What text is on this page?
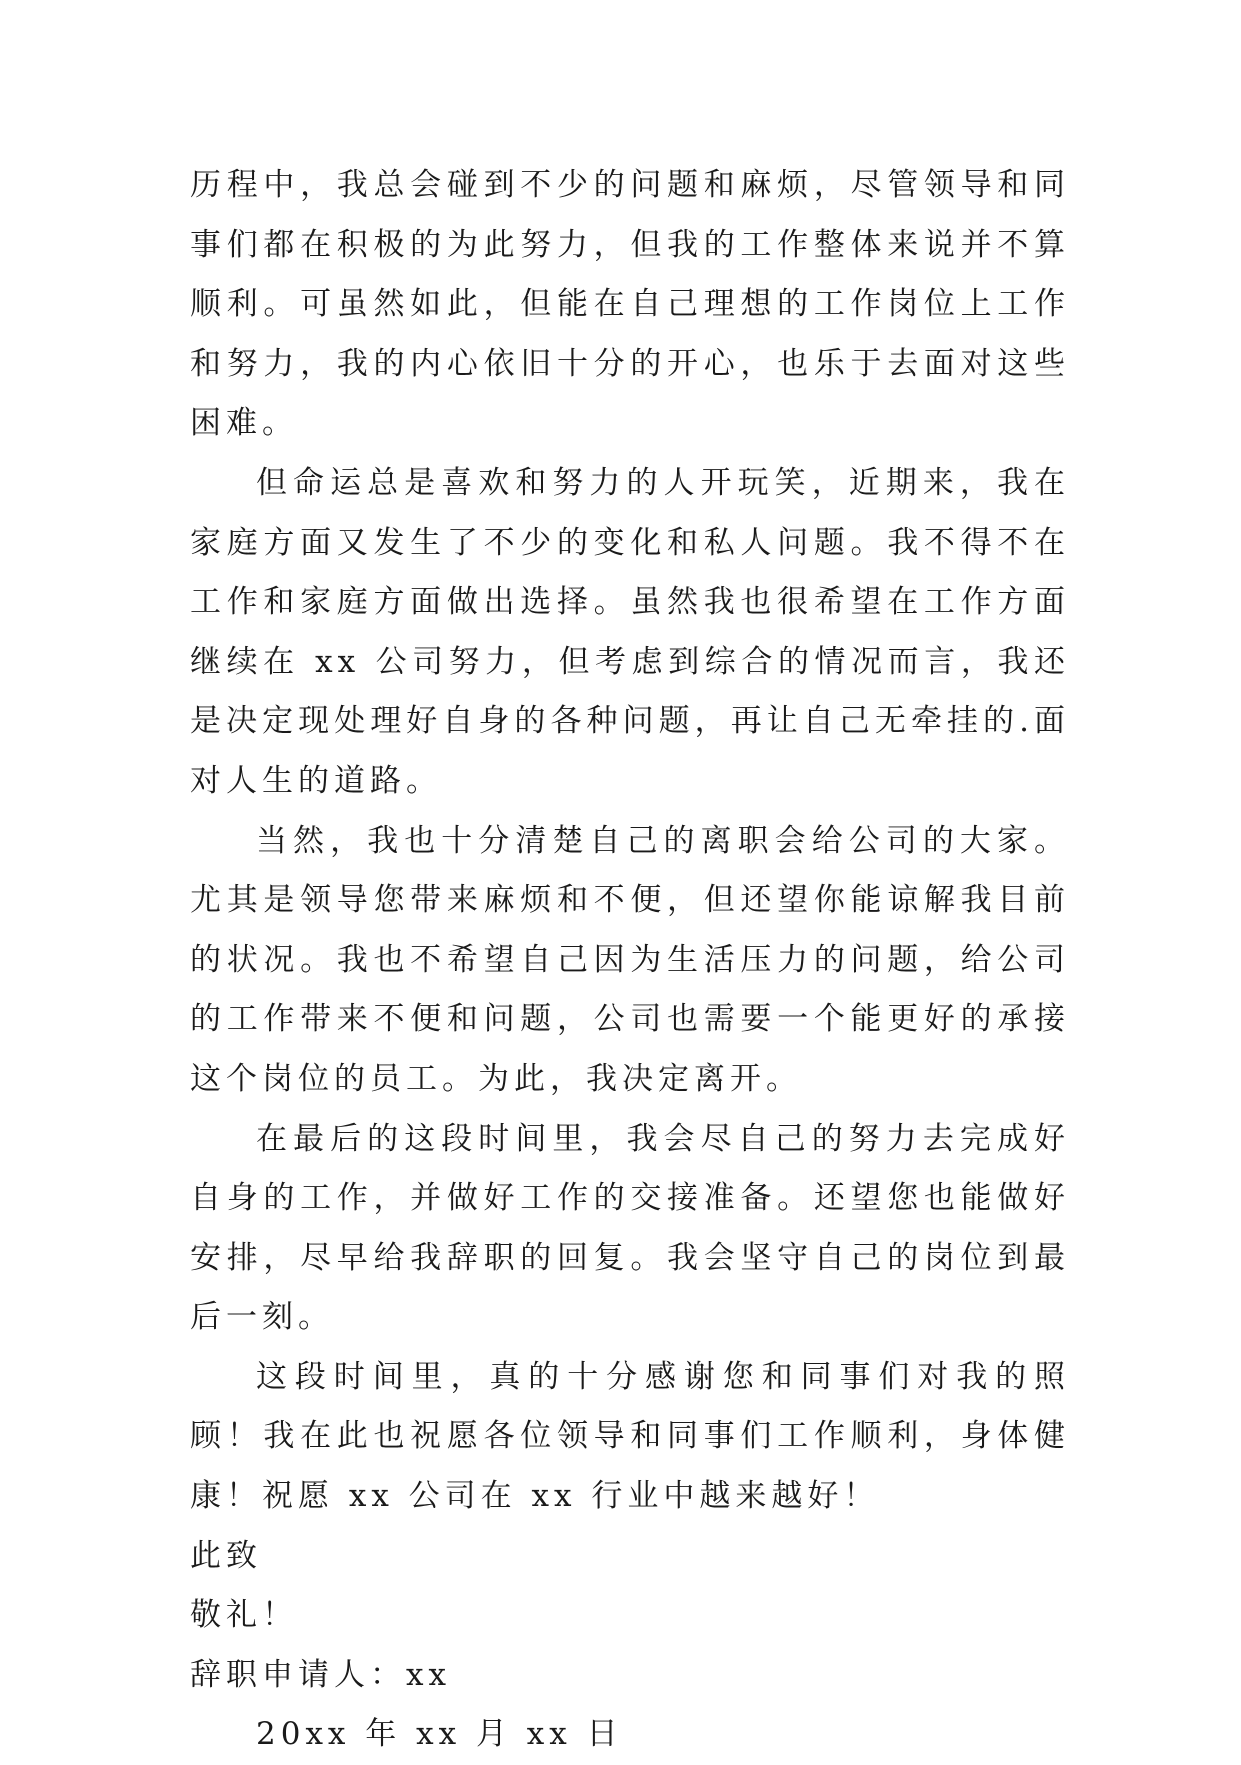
历程中，我总会碰到不少的问题和麻烦，尽管领导和同事们都在积极的为此努力，但我的工作整体来说并不算顺利。可虽然如此，但能在自己理想的工作岗位上工作和努力，我的内心依旧十分的开心，也乐于去面对这些困难。

但命运总是喜欢和努力的人开玩笑，近期来，我在家庭方面又发生了不少的变化和私人问题。我不得不在工作和家庭方面做出选择。虽然我也很希望在工作方面继续在 xx 公司努力，但考虑到综合的情况而言，我还是决定现处理好自身的各种问题，再让自己无牵挂的.面对人生的道路。

当然，我也十分清楚自己的离职会给公司的大家。尤其是领导您带来麻烦和不便，但还望你能谅解我目前的状况。我也不希望自己因为生活压力的问题，给公司的工作带来不便和问题，公司也需要一个能更好的承接这个岗位的员工。为此，我决定离开。

在最后的这段时间里，我会尽自己的努力去完成好自身的工作，并做好工作的交接准备。还望您也能做好安排，尽早给我辞职的回复。我会坚守自己的岗位到最后一刻。

这段时间里，真的十分感谢您和同事们对我的照顾！我在此也祝愿各位领导和同事们工作顺利，身体健康！祝愿 xx 公司在 xx 行业中越来越好！

此致

敬礼！

辞职申请人：xx

20xx 年 xx 月 xx 日
